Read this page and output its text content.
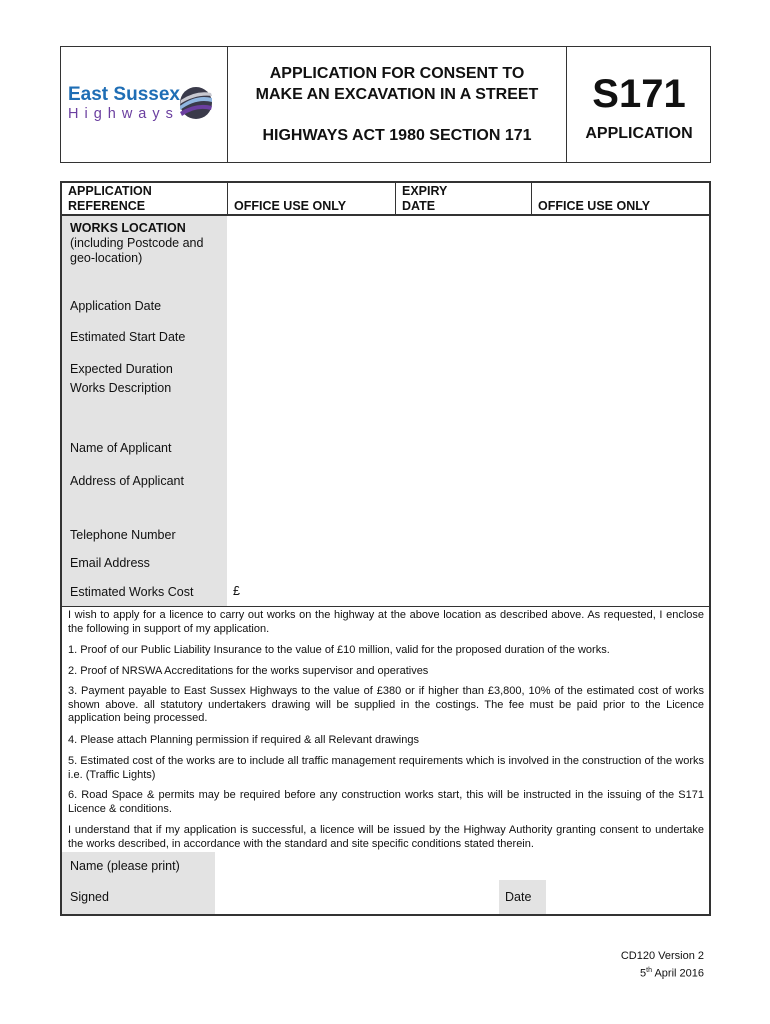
East Sussex
Highways
APPLICATION FOR CONSENT TO
MAKE AN EXCAVATION IN A STREET
HIGHWAYS ACT 1980 SECTION 171
S171
APPLICATION
APPLICATION REFERENCE	OFFICE USE ONLY
EXPIRY DATE	OFFICE USE ONLY
WORKS LOCATION
(including Postcode and geo-location)
Application Date
Estimated Start Date
Expected Duration
Works Description
Name of Applicant
Address of Applicant
Telephone Number
Email Address
Estimated Works Cost	£
I wish to apply for a licence to carry out works on the highway at the above location as described above. As requested, I enclose the following in support of my application.
1. Proof of our Public Liability Insurance to the value of £10 million, valid for the proposed duration of the works.
2. Proof of NRSWA Accreditations for the works supervisor and operatives
3. Payment payable to East Sussex Highways to the value of £380 or if higher than £3,800, 10% of the estimated cost of works shown above. all statutory undertakers drawing will be supplied in the costings. The fee must be paid prior to the Licence application being processed.
4. Please attach Planning permission if required & all Relevant drawings
5. Estimated cost of the works are to include all traffic management requirements which is involved in the construction of the works i.e. (Traffic Lights)
6. Road Space & permits may be required before any construction works start, this will be instructed in the issuing of the S171 Licence & conditions.
I understand that if my application is successful, a licence will be issued by the Highway Authority granting consent to undertake the works described, in accordance with the standard and site specific conditions stated therein.
Name (please print)
Signed	Date
CD120 Version 2
5th April 2016
